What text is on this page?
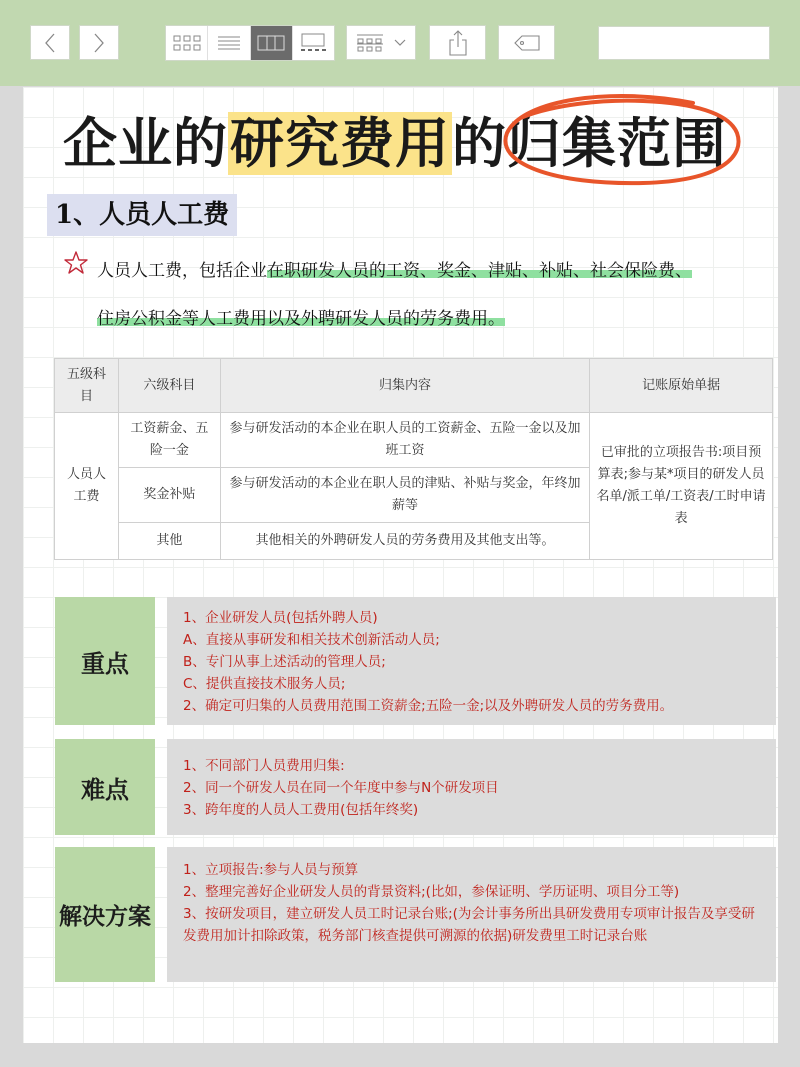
企业的研究费用的
归集范围
1、人员人工费
人员人工费，包括企业在职研发人员的工资、奖金、津贴、补贴、社会保险费、
住房公积金等人工费用以及外聘研发人员的劳务费用。
五级科目	六级科目	归集内容	记账原始单据
人员人工费	工资薪金、五险一金	参与研发活动的本企业在职人员的工资薪金、五险一金以及加班工资	已审批的立项报告书:项目预算表;参与某*项目的研发人员名单/派工单/工资表/工时申请表
	奖金补贴	参与研发活动的本企业在职人员的津贴、补贴与奖金，年终加薪等	
	其他	其他相关的外聘研发人员的劳务费用及其他支出等。	
重点

1、企业研发人员(包括外聘人员)

A、直接从事研发和相关技术创新活动人员;

B、专门从事上述活动的管理人员;

C、提供直接技术服务人员;

2、确定可归集的人员费用范围工资薪金;五险一金;以及外聘研发人员的劳务费用。

难点

1、不同部门人员费用归集:

2、同一个研发人员在同一个年度中参与N个研发项目

3、跨年度的人员人工费用(包括年终奖)

解决方案

1、立项报告:参与人员与预算

2、整理完善好企业研发人员的背景资料;(比如，参保证明、学历证明、项目分工等)

3、按研发项目，建立研发人员工时记录台账;(为会计事务所出具研发费用专项审计报告及享受研发费用加计扣除政策，税务部门核查提供可溯源的依据)研发费里工时记录台账
